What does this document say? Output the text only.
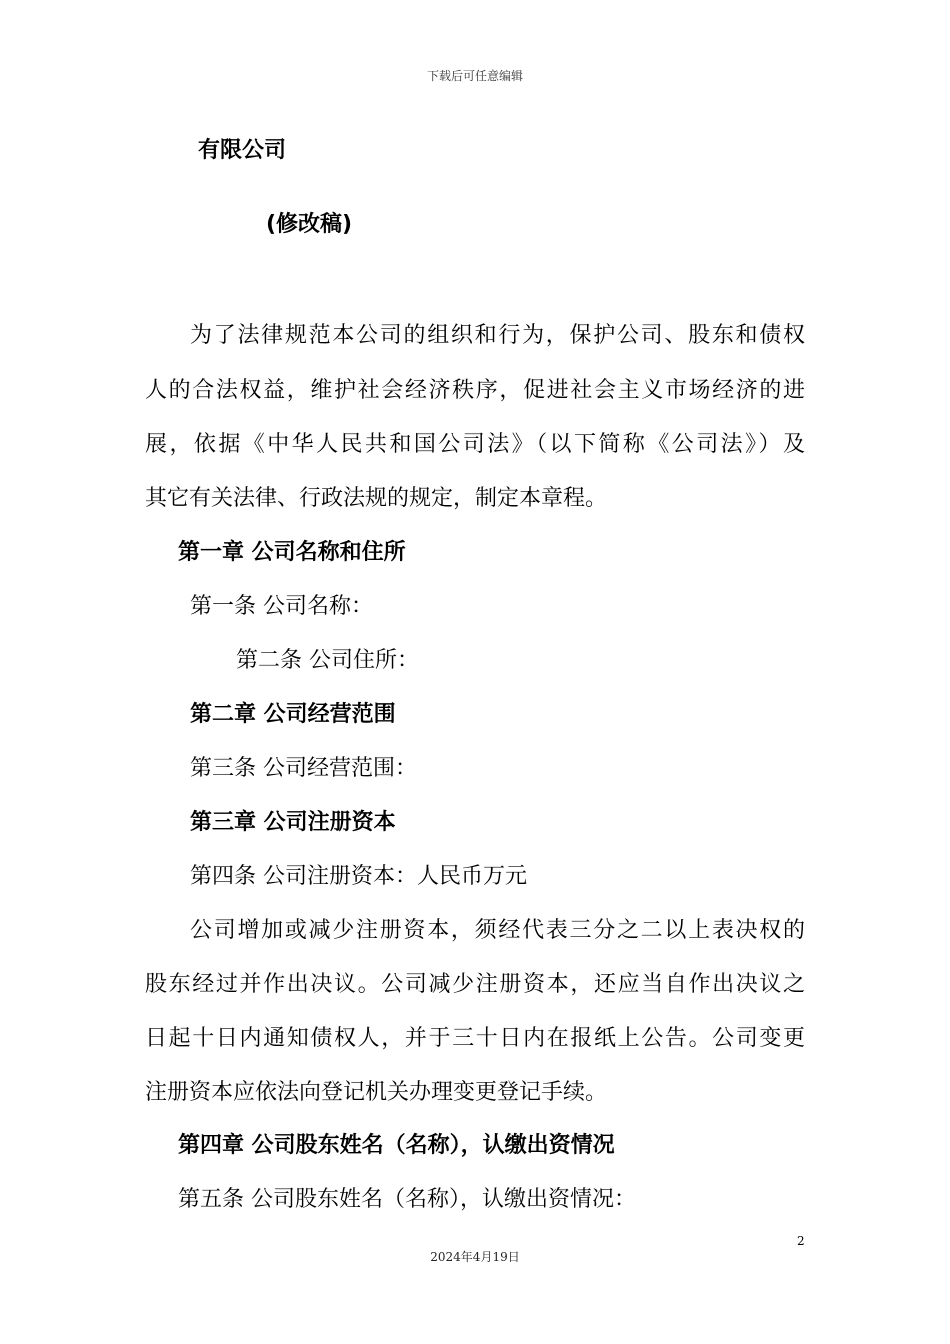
下载后可任意编辑
有限公司
(修改稿)
为了法律规范本公司的组织和行为，保护公司、股东和债权
人的合法权益，维护社会经济秩序，促进社会主义市场经济的进
展，依据《中华人民共和国公司法》（以下简称《公司法》）及
其它有关法律、行政法规的规定，制定本章程。
第一章 公司名称和住所
第一条 公司名称：
第二条 公司住所：
第二章 公司经营范围
第三条 公司经营范围：
第三章 公司注册资本
第四条 公司注册资本：人民币万元
公司增加或减少注册资本，须经代表三分之二以上表决权的
股东经过并作出决议。公司减少注册资本，还应当自作出决议之
日起十日内通知债权人，并于三十日内在报纸上公告。公司变更
注册资本应依法向登记机关办理变更登记手续。
第四章 公司股东姓名（名称），认缴出资情况
第五条 公司股东姓名（名称），认缴出资情况：
2
2024年4月19日
